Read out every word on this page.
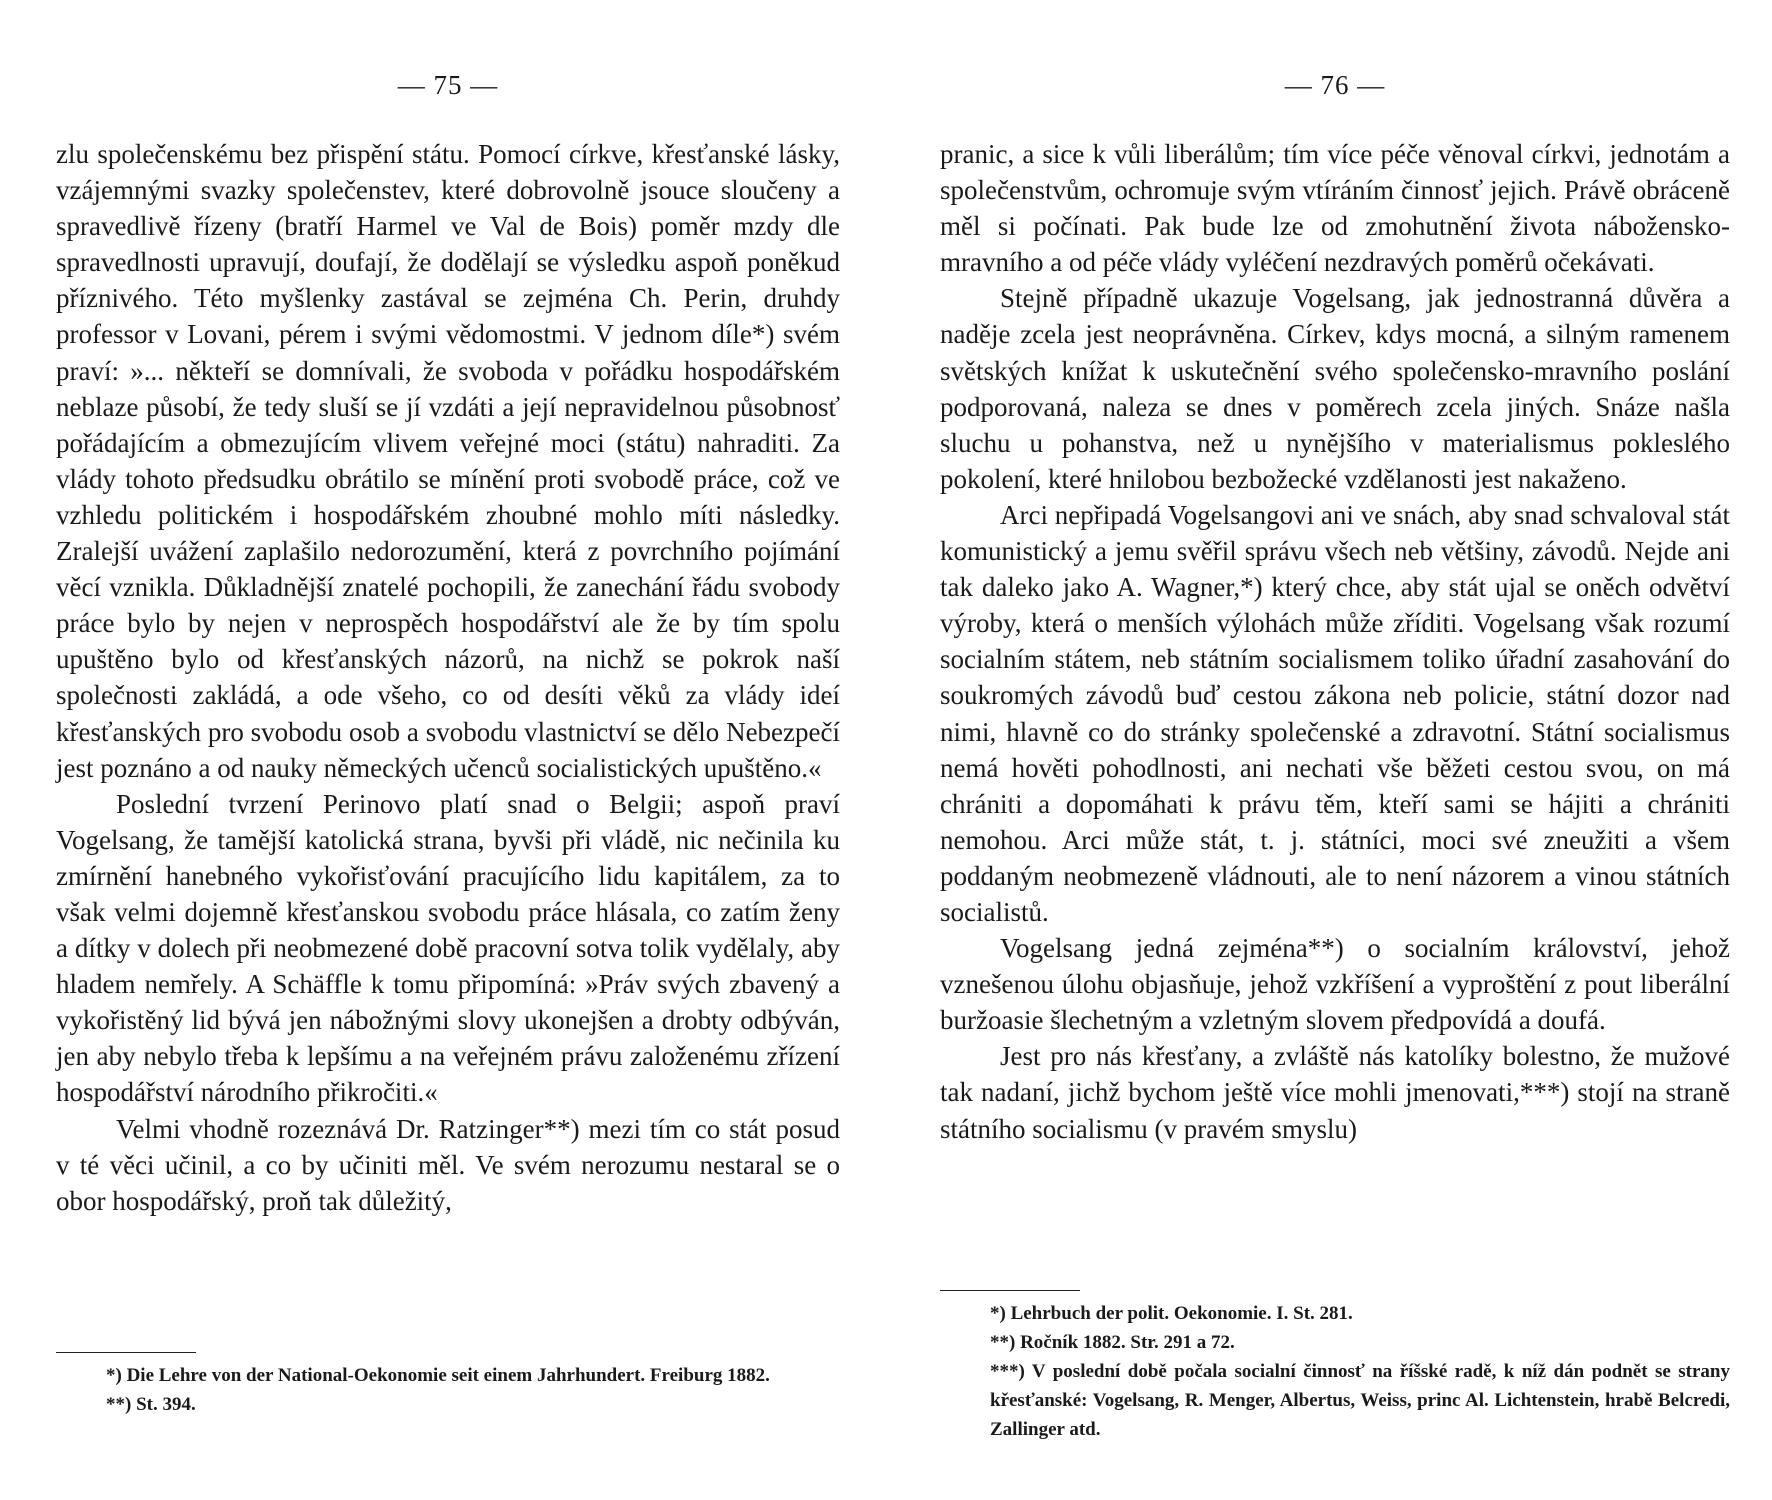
— 75 —

zlu společenskému bez přispění státu. Pomocí církve, křesťanské lásky, vzájemnými svazky společenstev, které dobrovolně jsouce sloučeny a spravedlivě řízeny (bratří Harmel ve Val de Bois) poměr mzdy dle spravedlnosti upravují, doufají, že dodělají se výsledku aspoň poněkud příznivého. Této myšlenky zastával se zejména Ch. Perin, druhdy professor v Lovani, pérem i svými vědomostmi. V jednom díle*) svém praví: »... někteří se domnívali, že svoboda v pořádku hospodářském neblaze působí, že tedy sluší se jí vzdáti a její nepravidelnou působnosť pořádajícím a obmezujícím vlivem veřejné moci (státu) nahraditi. Za vlády tohoto předsudku obrátilo se mínění proti svobodě práce, což ve vzhledu politickém i hospodářském zhoubné mohlo míti následky. Zralejší uvážení zaplašilo nedorozumění, která z povrchního pojímání věcí vznikla. Důkladnější znatelé pochopili, že zanechání řádu svobody práce bylo by nejen v neprospěch hospodářství ale že by tím spolu upuštěno bylo od křesťanských názorů, na nichž se pokrok naší společnosti zakládá, a ode všeho, co od desíti věků za vlády ideí křesťanských pro svobodu osob a svobodu vlastnictví se dělo Nebezpečí jest poznáno a od nauky německých učenců socialistických upuštěno.«

Poslední tvrzení Perinovo platí snad o Belgii; aspoň praví Vogelsang, že tamější katolická strana, byvši při vládě, nic nečinila ku zmírnění hanebného vykořisťování pracujícího lidu kapitálem, za to však velmi dojemně křesťanskou svobodu práce hlásala, co zatím ženy a dítky v dolech při neobmezené době pracovní sotva tolik vydělaly, aby hladem nemřely. A Schäffle k tomu připomíná: »Práv svých zbavený a vykořistěný lid bývá jen nábožnými slovy ukonejšen a drobty odbýván, jen aby nebylo třeba k lepšímu a na veřejném právu založenému zřízení hospodářství národního přikročiti.«

Velmi vhodně rozeznává Dr. Ratzinger**) mezi tím co stát posud v té věci učinil, a co by učiniti měl. Ve svém nerozumu nestaral se o obor hospodářský, proň tak důležitý,

*) Die Lehre von der National-Oekonomie seit einem Jahrhundert. Freiburg 1882.

**) St. 394.

— 76 —

pranic, a sice k vůli liberálům; tím více péče věnoval církvi, jednotám a společenstvům, ochromuje svým vtíráním činnosť jejich. Právě obráceně měl si počínati. Pak bude lze od zmohutnění života nábožensko-mravního a od péče vlády vyléčení nezdravých poměrů očekávati.

Stejně případně ukazuje Vogelsang, jak jednostranná důvěra a naděje zcela jest neoprávněna. Církev, kdys mocná, a silným ramenem světských knížat k uskutečnění svého společensko-mravního poslání podporovaná, naleza se dnes v poměrech zcela jiných. Snáze našla sluchu u pohanstva, než u nynějšího v materialismus pokleslého pokolení, které hnilobou bezbožecké vzdělanosti jest nakaženo.

Arci nepřipadá Vogelsangovi ani ve snách, aby snad schvaloval stát komunistický a jemu svěřil správu všech neb většiny, závodů. Nejde ani tak daleko jako A. Wagner,*) který chce, aby stát ujal se oněch odvětví výroby, která o menších výlohách může zříditi. Vogelsang však rozumí socialním státem, neb státním socialismem toliko úřadní zasahování do soukromých závodů buď cestou zákona neb policie, státní dozor nad nimi, hlavně co do stránky společenské a zdravotní. Státní socialismus nemá hověti pohodlnosti, ani nechati vše běžeti cestou svou, on má chrániti a dopomáhati k právu těm, kteří sami se hájiti a chrániti nemohou. Arci může stát, t. j. státníci, moci své zneužiti a všem poddaným neobmezeně vládnouti, ale to není názorem a vinou státních socialistů.

Vogelsang jedná zejména**) o socialním království, jehož vznešenou úlohu objasňuje, jehož vzkříšení a vyproštění z pout liberální buržoasie šlechetným a vzletným slovem předpovídá a doufá.

Jest pro nás křesťany, a zvláště nás katolíky bolestno, že mužové tak nadaní, jichž bychom ještě více mohli jmenovati,***) stojí na straně státního socialismu (v pravém smyslu)

*) Lehrbuch der polit. Oekonomie. I. St. 281.

**) Ročník 1882. Str. 291 a 72.

***) V poslední době počala socialní činnosť na říšské radě, k níž dán podnět se strany křesťanské: Vogelsang, R. Menger, Albertus, Weiss, princ Al. Lichtenstein, hrabě Belcredi, Zallinger atd.
